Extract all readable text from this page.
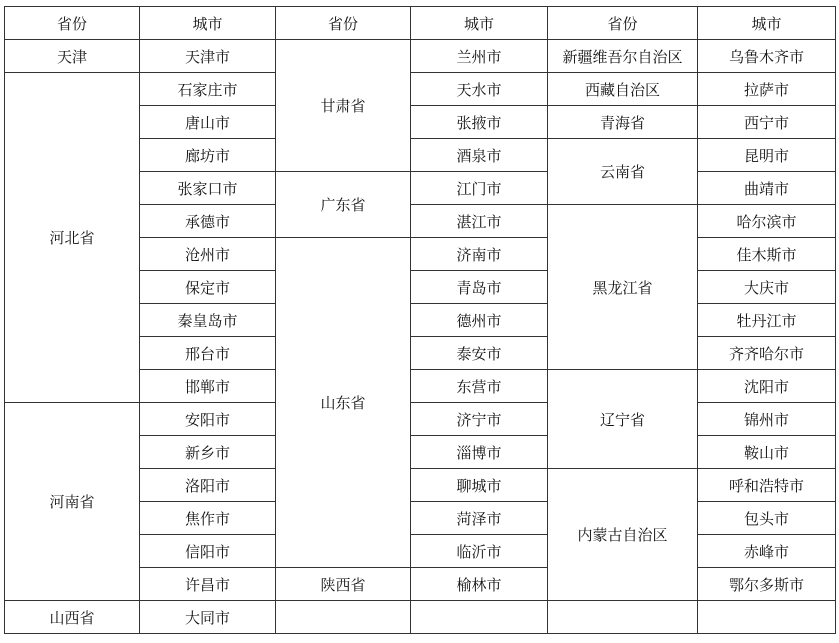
省份	城市	省份	城市	省份	城市
天津	天津市	甘肃省	兰州市	新疆维吾尔自治区	乌鲁木齐市
河北省	石家庄市		天水市	西藏自治区	拉萨市
	唐山市		张掖市	青海省	西宁市
	廊坊市		酒泉市	云南省	昆明市
	张家口市	广东省	江门市		曲靖市
	承德市		湛江市	黑龙江省	哈尔滨市
	沧州市	山东省	济南市		佳木斯市
	保定市		青岛市		大庆市
	秦皇岛市		德州市		牡丹江市
	邢台市		泰安市		齐齐哈尔市
	邯郸市		东营市	辽宁省	沈阳市
河南省	安阳市		济宁市		锦州市
	新乡市		淄博市		鞍山市
	洛阳市		聊城市	内蒙古自治区	呼和浩特市
	焦作市		菏泽市		包头市
	信阳市		临沂市		赤峰市
	许昌市	陕西省	榆林市		鄂尔多斯市
山西省	大同市				
